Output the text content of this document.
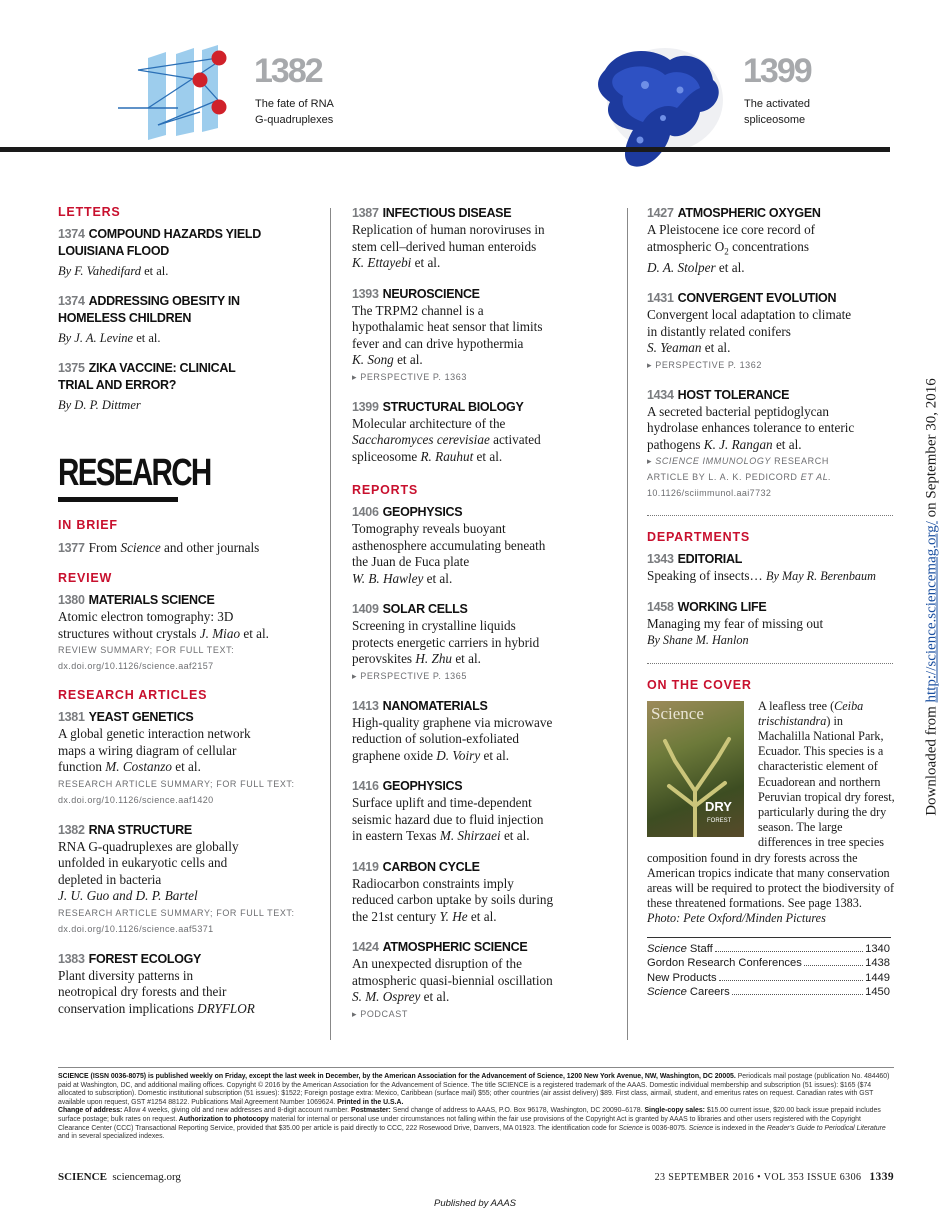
1382
The fate of RNA
G-quadruplexes
1399
The activated
spliceosome
LETTERS
1374 COMPOUND HAZARDS YIELD
LOUISIANA FLOOD
By F. Vahedifard et al.
1374 ADDRESSING OBESITY IN
HOMELESS CHILDREN
By J. A. Levine et al.
1375 ZIKA VACCINE: CLINICAL
TRIAL AND ERROR?
By D. P. Dittmer
RESEARCH
IN BRIEF
1377 From Science and other journals
REVIEW
1380 MATERIALS SCIENCE
Atomic electron tomography: 3D
structures without crystals J. Miao et al.
REVIEW SUMMARY; FOR FULL TEXT:
dx.doi.org/10.1126/science.aaf2157
RESEARCH ARTICLES
1381 YEAST GENETICS
A global genetic interaction network
maps a wiring diagram of cellular
function M. Costanzo et al.
RESEARCH ARTICLE SUMMARY; FOR FULL TEXT:
dx.doi.org/10.1126/science.aaf1420
1382 RNA STRUCTURE
RNA G-quadruplexes are globally
unfolded in eukaryotic cells and
depleted in bacteria
J. U. Guo and D. P. Bartel
RESEARCH ARTICLE SUMMARY; FOR FULL TEXT:
dx.doi.org/10.1126/science.aaf5371
1383 FOREST ECOLOGY
Plant diversity patterns in
neotropical dry forests and their
conservation implications DRYFLOR
1387 INFECTIOUS DISEASE
Replication of human noroviruses in
stem cell–derived human enteroids
K. Ettayebi et al.
1393 NEUROSCIENCE
The TRPM2 channel is a
hypothalamic heat sensor that limits
fever and can drive hypothermia
K. Song et al.
▸ PERSPECTIVE P. 1363
1399 STRUCTURAL BIOLOGY
Molecular architecture of the
Saccharomyces cerevisiae activated
spliceosome R. Rauhut et al.
REPORTS
1406 GEOPHYSICS
Tomography reveals buoyant
asthenosphere accumulating beneath
the Juan de Fuca plate
W. B. Hawley et al.
1409 SOLAR CELLS
Screening in crystalline liquids
protects energetic carriers in hybrid
perovskites H. Zhu et al.
▸ PERSPECTIVE P. 1365
1413 NANOMATERIALS
High-quality graphene via microwave
reduction of solution-exfoliated
graphene oxide D. Voiry et al.
1416 GEOPHYSICS
Surface uplift and time-dependent
seismic hazard due to fluid injection
in eastern Texas M. Shirzaei et al.
1419 CARBON CYCLE
Radiocarbon constraints imply
reduced carbon uptake by soils during
the 21st century Y. He et al.
1424 ATMOSPHERIC SCIENCE
An unexpected disruption of the
atmospheric quasi-biennial oscillation
S. M. Osprey et al.
▸ PODCAST
1427 ATMOSPHERIC OXYGEN
A Pleistocene ice core record of
atmospheric $O_2$ concentrations
D. A. Stolper et al.
1431 CONVERGENT EVOLUTION
Convergent local adaptation to climate
in distantly related conifers
S. Yeaman et al.
▸ PERSPECTIVE P. 1362
1434 HOST TOLERANCE
A secreted bacterial peptidoglycan
hydrolase enhances tolerance to enteric
pathogens K. J. Rangan et al.
▸ SCIENCE IMMUNOLOGY RESEARCH
ARTICLE BY L. A. K. PEDICORD ET AL.
10.1126/sciimmunol.aai7732
DEPARTMENTS
1343 EDITORIAL
Speaking of insects… By May R. Berenbaum
1458 WORKING LIFE
Managing my fear of missing out
By Shane M. Hanlon
ON THE COVER
Science
DRY
FOREST
A leafless tree (Ceiba trischistandra) in Machalilla National Park, Ecuador. This species is a characteristic element of Ecuadorean and northern Peruvian tropical dry forest, particularly during the dry season. The large differences in tree species composition found in dry forests across the American tropics indicate that many conservation areas will be required to protect the biodiversity of these threatened formations. See page 1383.
Photo: Pete Oxford/Minden Pictures
Science Staff	1340
Gordon Research Conferences	1438
New Products	1449
Science Careers	1450
SCIENCE (ISSN 0036-8075) is published weekly on Friday, except the last week in December, by the American Association for the Advancement of Science, 1200 New York Avenue, NW, Washington, DC 20005. Periodicals mail postage (publication No. 484460) paid at Washington, DC, and additional mailing offices. Copyright © 2016 by the American Association for the Advancement of Science. The title SCIENCE is a registered trademark of the AAAS. Domestic individual membership and subscription (51 issues): $165 ($74 allocated to subscription). Domestic institutional subscription (51 issues): $1522; Foreign postage extra: Mexico, Caribbean (surface mail) $55; other countries (air assist delivery) $89. First class, airmail, student, and emeritus rates on request. Canadian rates with GST available upon request, GST #1254 88122. Publications Mail Agreement Number 1069624. Printed in the U.S.A.
Change of address: Allow 4 weeks, giving old and new addresses and 8-digit account number. Postmaster: Send change of address to AAAS, P.O. Box 96178, Washington, DC 20090–6178. Single-copy sales: $15.00 current issue, $20.00 back issue prepaid includes surface postage; bulk rates on request. Authorization to photocopy material for internal or personal use under circumstances not falling within the fair use provisions of the Copyright Act is granted by AAAS to libraries and other users registered with the Copyright Clearance Center (CCC) Transactional Reporting Service, provided that $35.00 per article is paid directly to CCC, 222 Rosewood Drive, Danvers, MA 01923. The identification code for Science is 0036-8075. Science is indexed in the Reader’s Guide to Periodical Literature and in several specialized indexes.
SCIENCE sciencemag.org	23 SEPTEMBER 2016 • VOL 353 ISSUE 6306 1339
Published by AAAS
Downloaded from http://science.sciencemag.org/ on September 30, 2016
